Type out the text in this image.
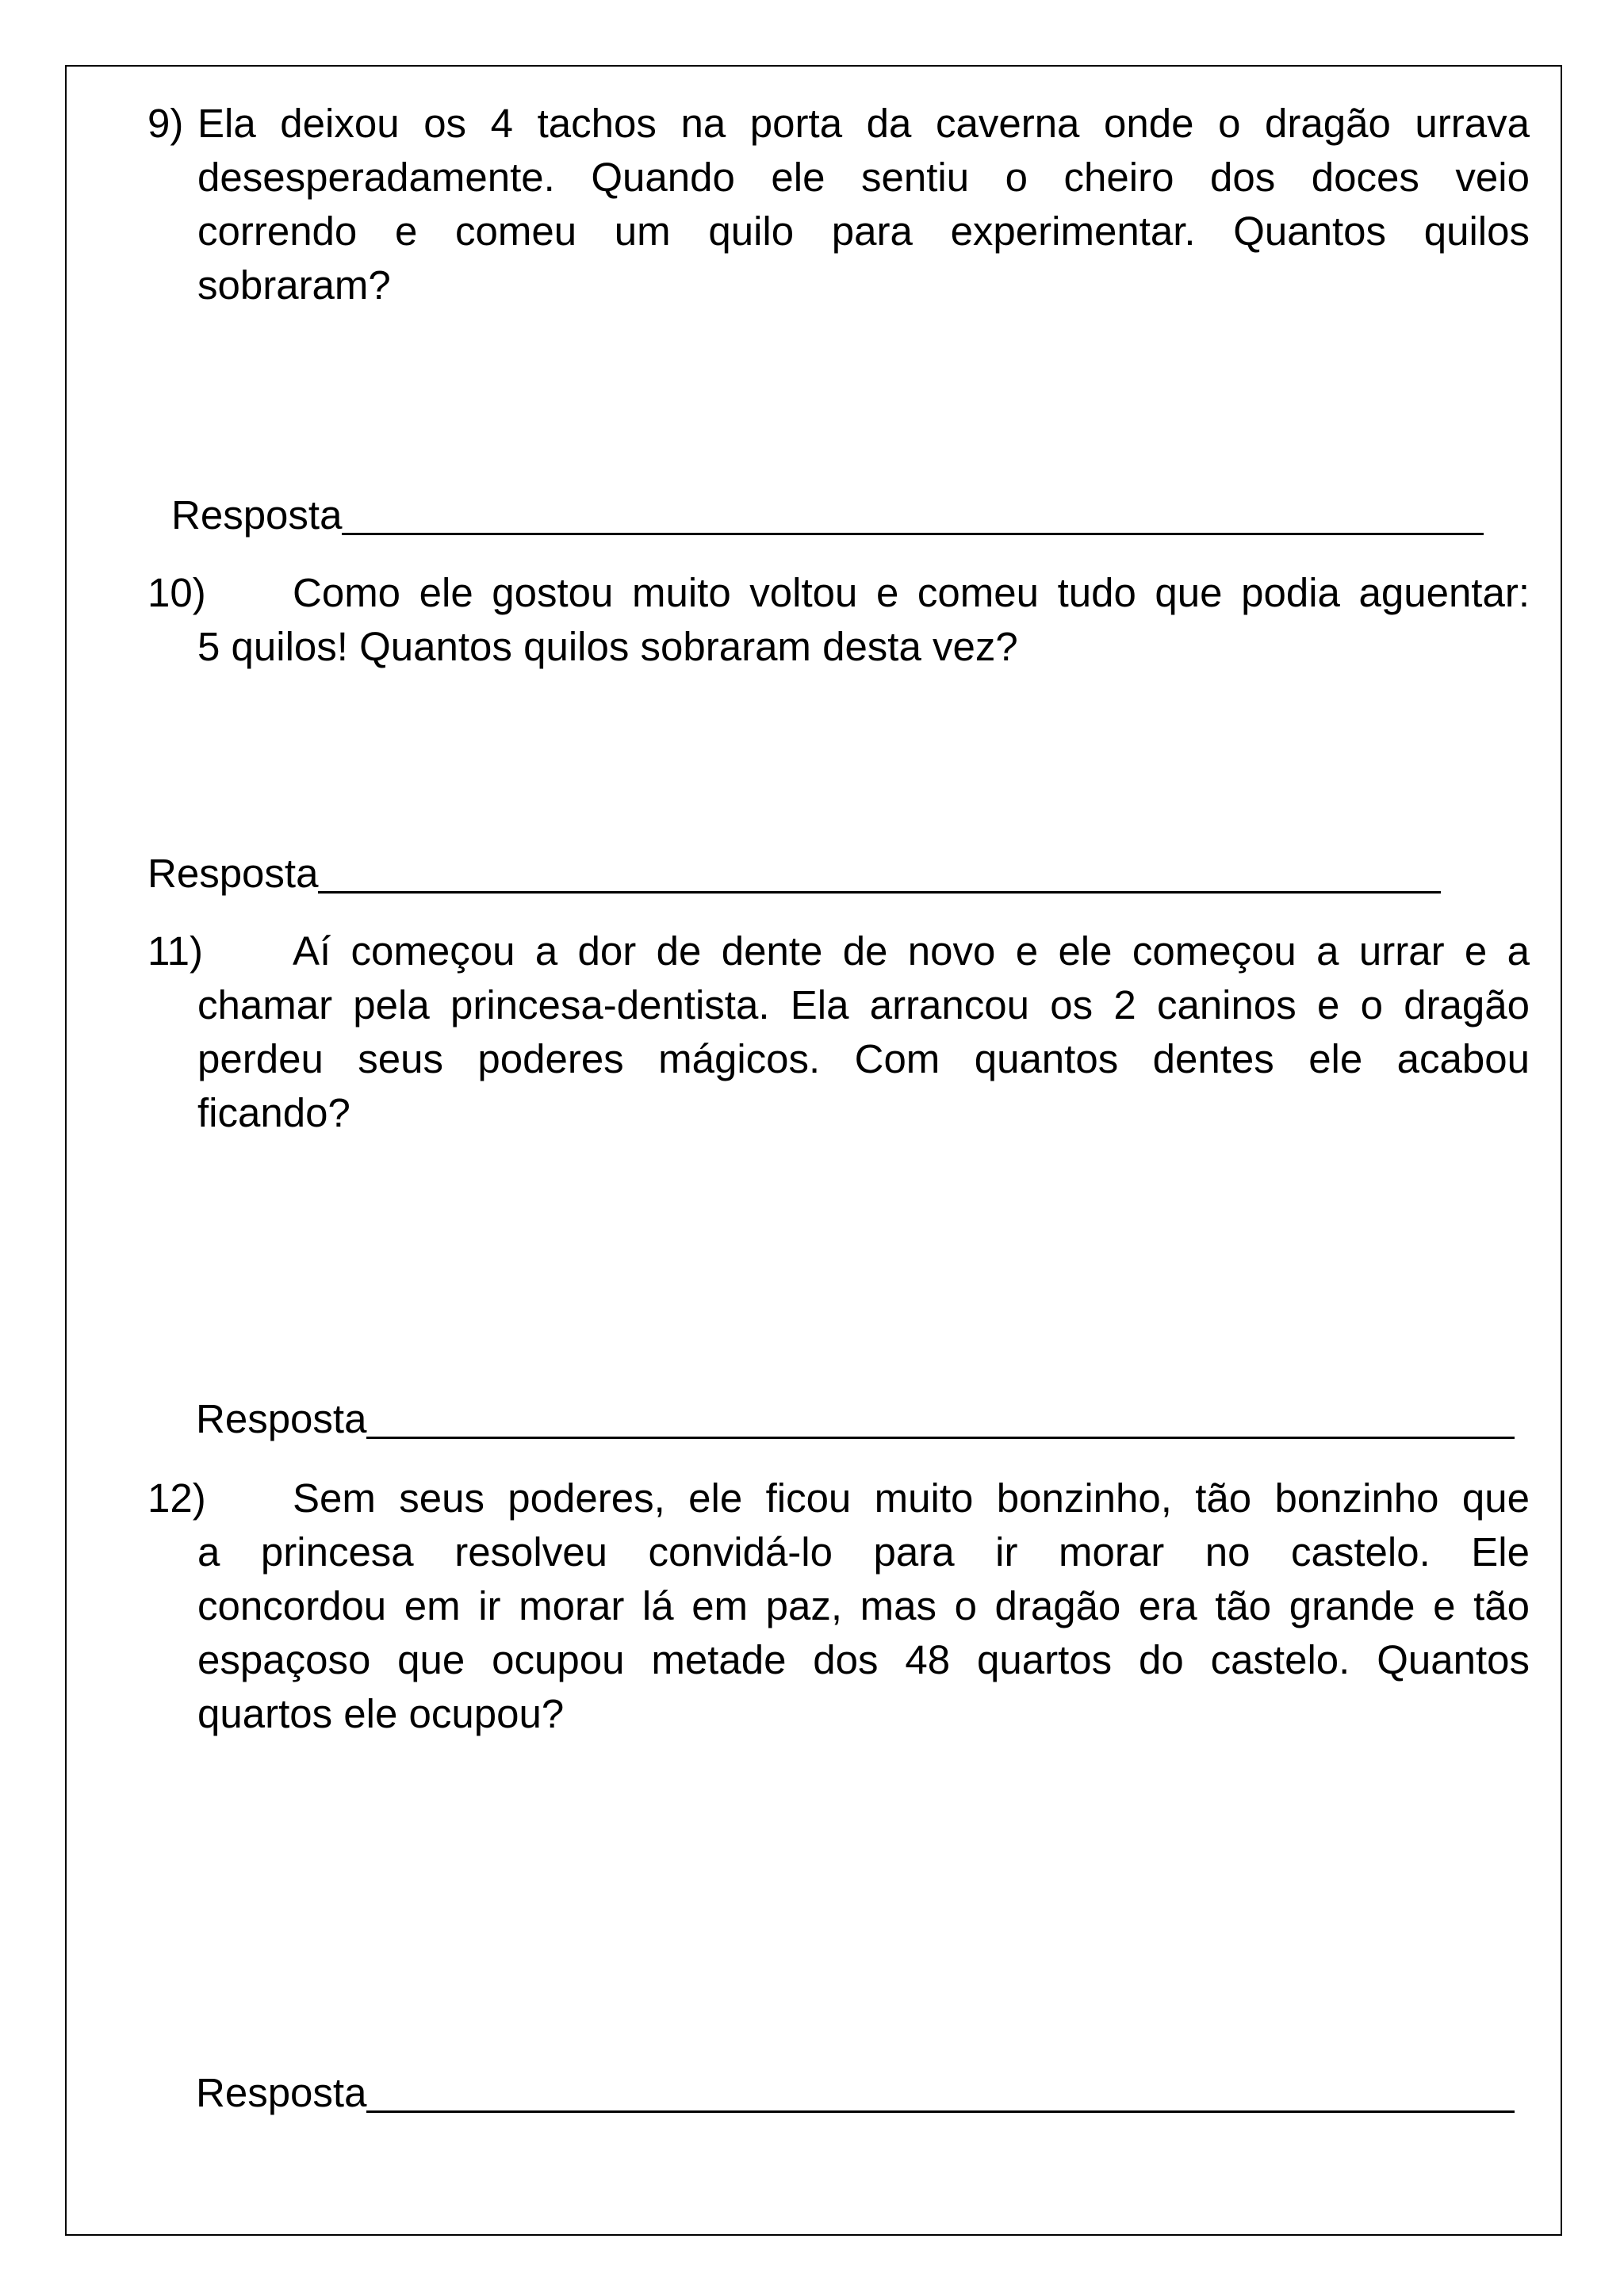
9) Ela deixou os 4 tachos na porta da caverna onde o dragão urrava
desesperadamente. Quando ele sentiu o cheiro dos doces veio
correndo e comeu um quilo para experimentar. Quantos quilos
sobraram?
Resposta
10) Como ele gostou muito voltou e comeu tudo que podia aguentar:
5 quilos! Quantos quilos sobraram desta vez?
Resposta
11) Aí começou a dor de dente de novo e ele começou a urrar e a
chamar pela princesa-dentista. Ela arrancou os 2 caninos e o dragão
perdeu seus poderes mágicos. Com quantos dentes ele acabou
ficando?
Resposta
12) Sem seus poderes, ele ficou muito bonzinho, tão bonzinho que
a princesa resolveu convidá-lo para ir morar no castelo. Ele
concordou em ir morar lá em paz, mas o dragão era tão grande e tão
espaçoso que ocupou metade dos 48 quartos do castelo. Quantos
quartos ele ocupou?
Resposta
